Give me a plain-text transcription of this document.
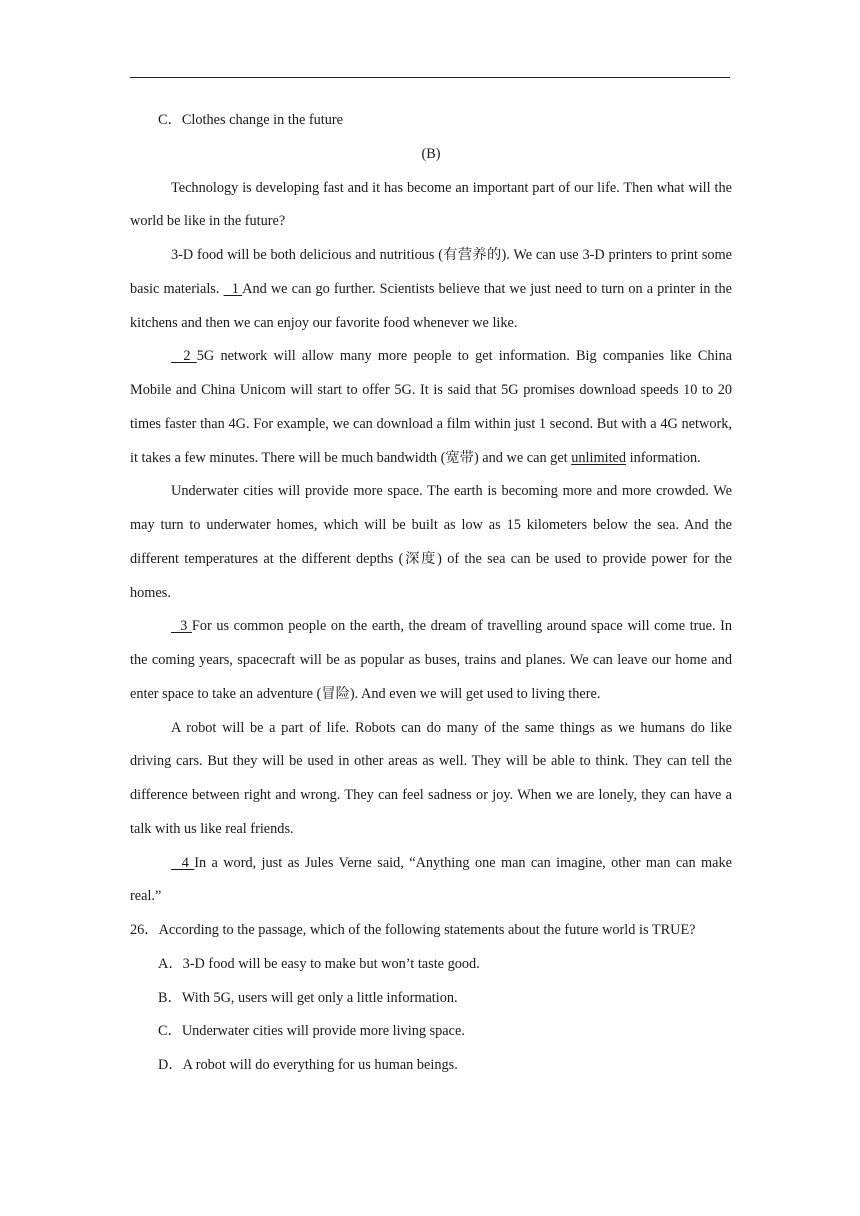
C．Clothes change in the future

(B)

Technology is developing fast and it has become an important part of our life. Then what will the world be like in the future?

3-D food will be both delicious and nutritious (有营养的). We can use 3-D printers to print some basic materials.   1 And we can go further. Scientists believe that we just need to turn on a printer in the kitchens and then we can enjoy our favorite food whenever we like.

2 5G network will allow many more people to get information. Big companies like China Mobile and China Unicom will start to offer 5G. It is said that 5G promises download speeds 10 to 20 times faster than 4G. For example, we can download a film within just 1 second. But with a 4G network, it takes a few minutes. There will be much bandwidth (宽带) and we can get unlimited information.

Underwater cities will provide more space. The earth is becoming more and more crowded. We may turn to underwater homes, which will be built as low as 15 kilometers below the sea. And the different temperatures at the different depths (深度) of the sea can be used to provide power for the homes.

3 For us common people on the earth, the dream of travelling around space will come true. In the coming years, spacecraft will be as popular as buses, trains and planes. We can leave our home and enter space to take an adventure (冒险). And even we will get used to living there.

A robot will be a part of life. Robots can do many of the same things as we humans do like driving cars. But they will be used in other areas as well. They will be able to think. They can tell the difference between right and wrong. They can feel sadness or joy. When we are lonely, they can have a talk with us like real friends.

4 In a word, just as Jules Verne said, “Anything one man can imagine, other man can make real.”

26．According to the passage, which of the following statements about the future world is TRUE?

A．3-D food will be easy to make but won’t taste good.

B．With 5G, users will get only a little information.

C．Underwater cities will provide more living space.

D．A robot will do everything for us human beings.
